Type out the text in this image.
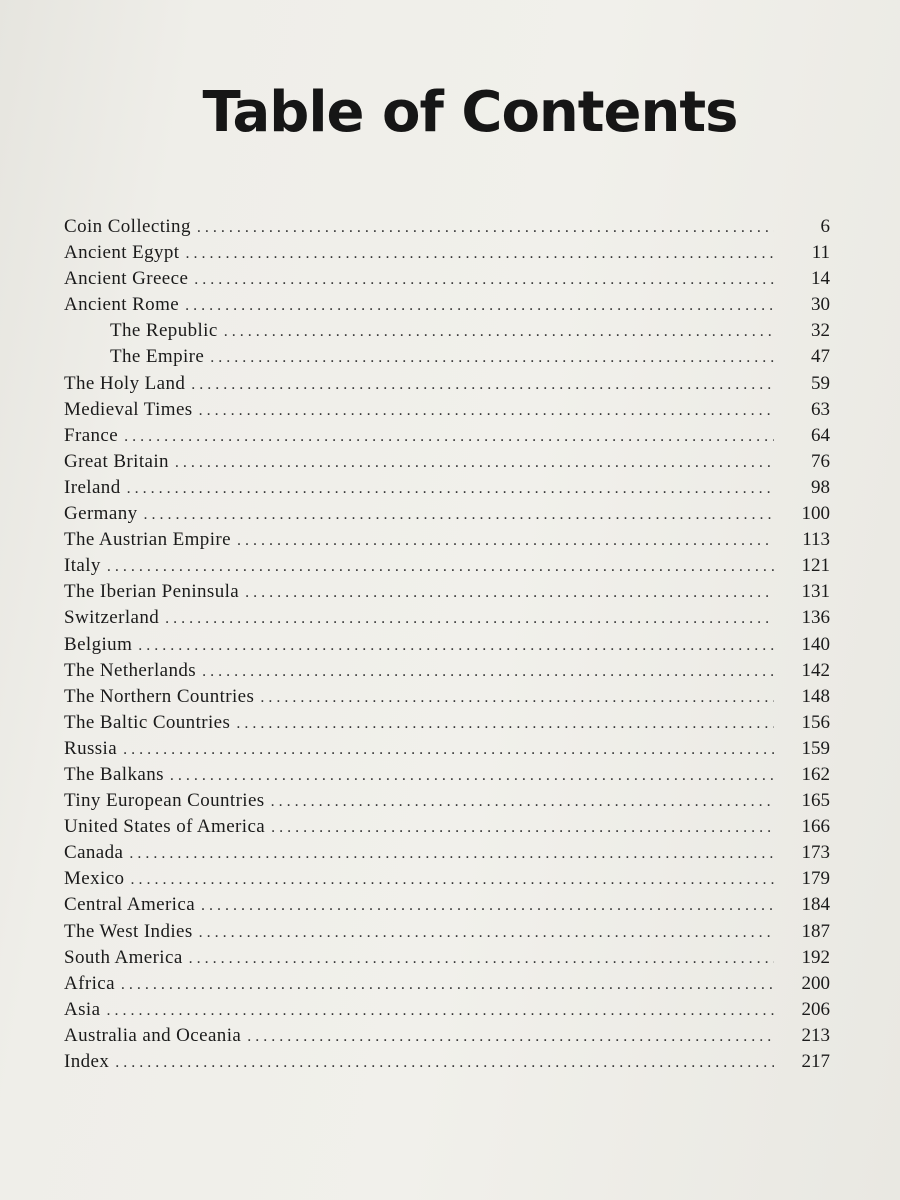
Table of Contents
Coin Collecting . . .	6
Ancient Egypt . . .	11
Ancient Greece . . .	14
Ancient Rome . . .	30
The Republic . . .	32
The Empire . . .	47
The Holy Land . . .	59
Medieval Times . . .	63
France . . .	64
Great Britain . . .	76
Ireland . . .	98
Germany . . .	100
The Austrian Empire . . .	113
Italy . . .	121
The Iberian Peninsula . . .	131
Switzerland . . .	136
Belgium . . .	140
The Netherlands . . .	142
The Northern Countries . . .	148
The Baltic Countries . . .	156
Russia . . .	159
The Balkans . . .	162
Tiny European Countries . . .	165
United States of America . . .	166
Canada . . .	173
Mexico . . .	179
Central America . . .	184
The West Indies . . .	187
South America . . .	192
Africa . . .	200
Asia . . .	206
Australia and Oceania . . .	213
Index . . .	217
